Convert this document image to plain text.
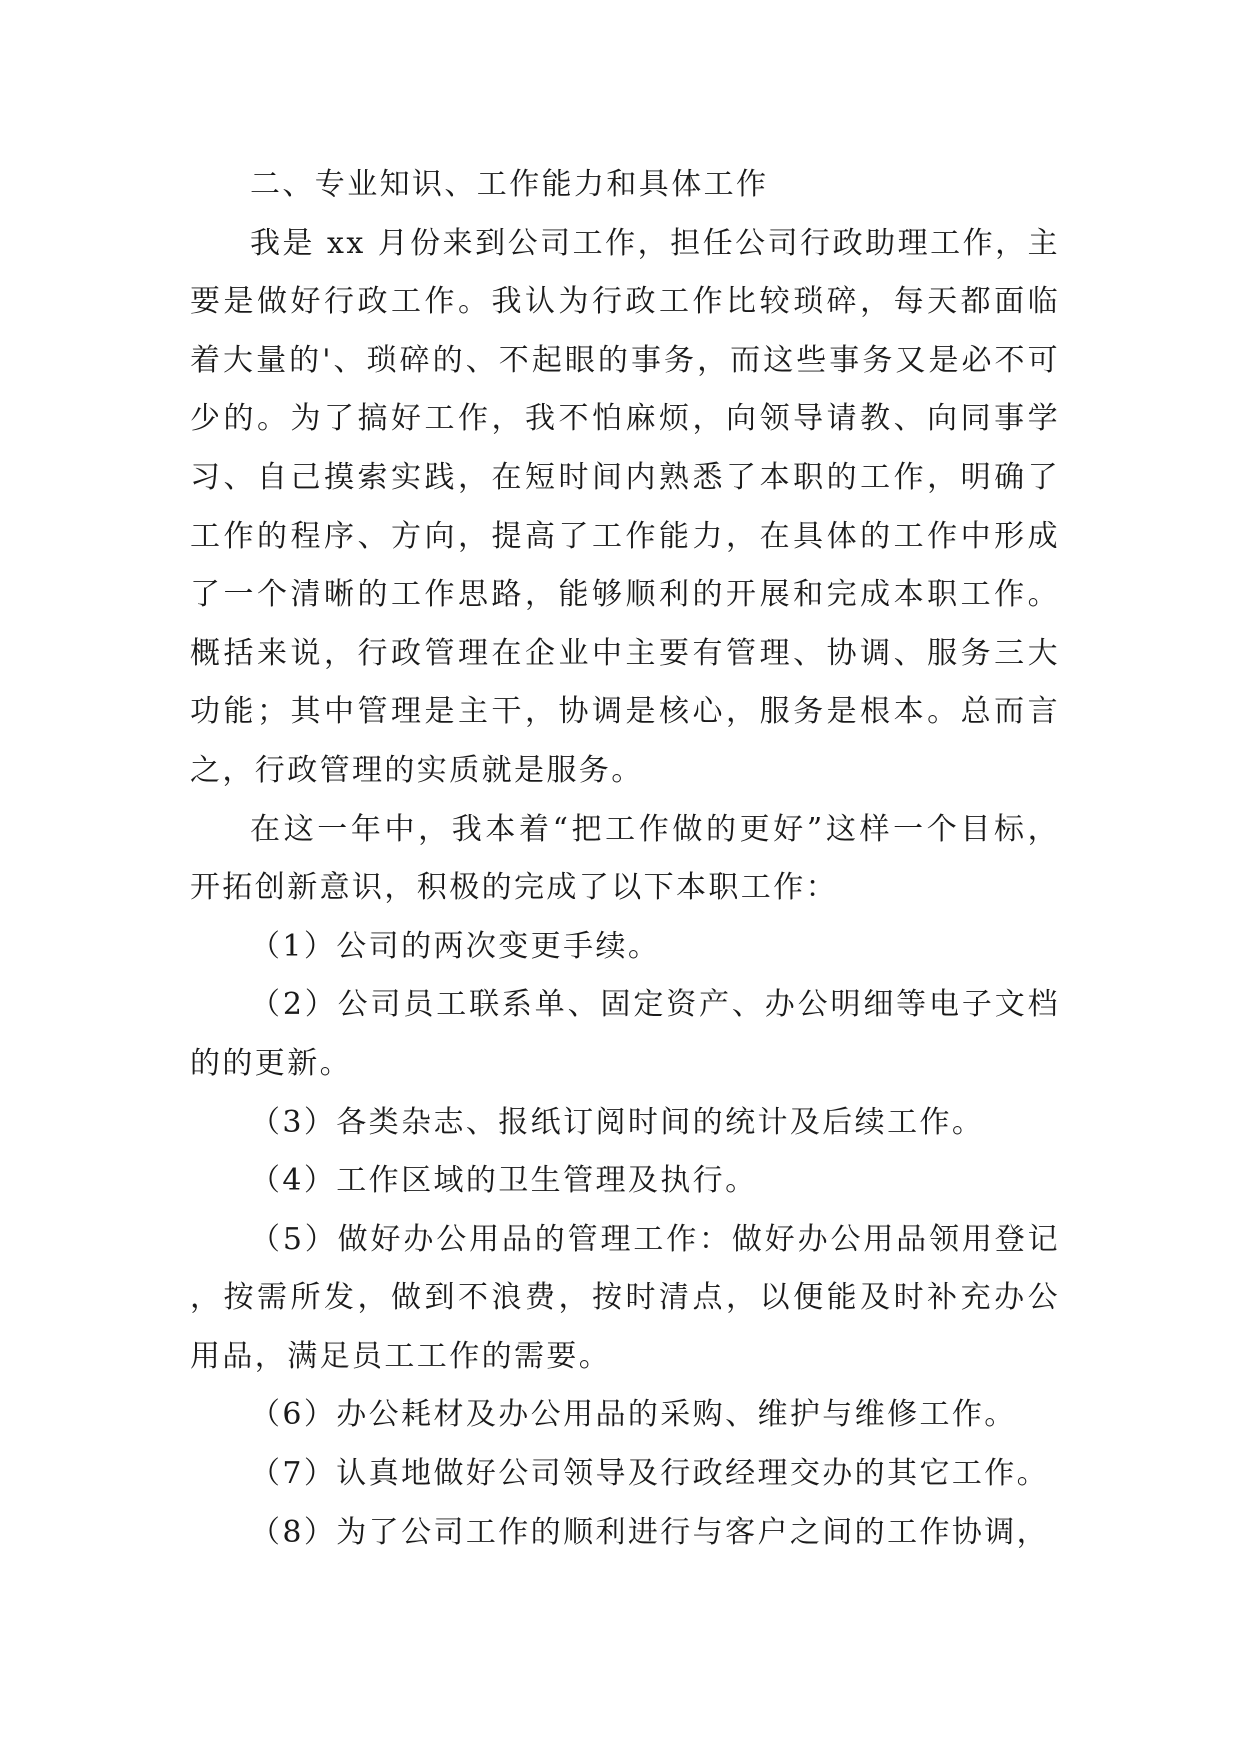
二、专业知识、工作能力和具体工作

我是 xx 月份来到公司工作，担任公司行政助理工作，主要是做好行政工作。我认为行政工作比较琐碎，每天都面临着大量的'、琐碎的、不起眼的事务，而这些事务又是必不可少的。为了搞好工作，我不怕麻烦，向领导请教、向同事学习、自己摸索实践，在短时间内熟悉了本职的工作，明确了工作的程序、方向，提高了工作能力，在具体的工作中形成了一个清晰的工作思路，能够顺利的开展和完成本职工作。概括来说，行政管理在企业中主要有管理、协调、服务三大功能；其中管理是主干，协调是核心，服务是根本。总而言之，行政管理的实质就是服务。

在这一年中，我本着“把工作做的更好”这样一个目标，开拓创新意识，积极的完成了以下本职工作：

（1）公司的两次变更手续。

（2）公司员工联系单、固定资产、办公明细等电子文档的的更新。

（3）各类杂志、报纸订阅时间的统计及后续工作。

（4）工作区域的卫生管理及执行。

（5）做好办公用品的管理工作：做好办公用品领用登记，按需所发，做到不浪费，按时清点，以便能及时补充办公用品，满足员工工作的需要。

（6）办公耗材及办公用品的采购、维护与维修工作。

（7）认真地做好公司领导及行政经理交办的其它工作。

（8）为了公司工作的顺利进行与客户之间的工作协调，
